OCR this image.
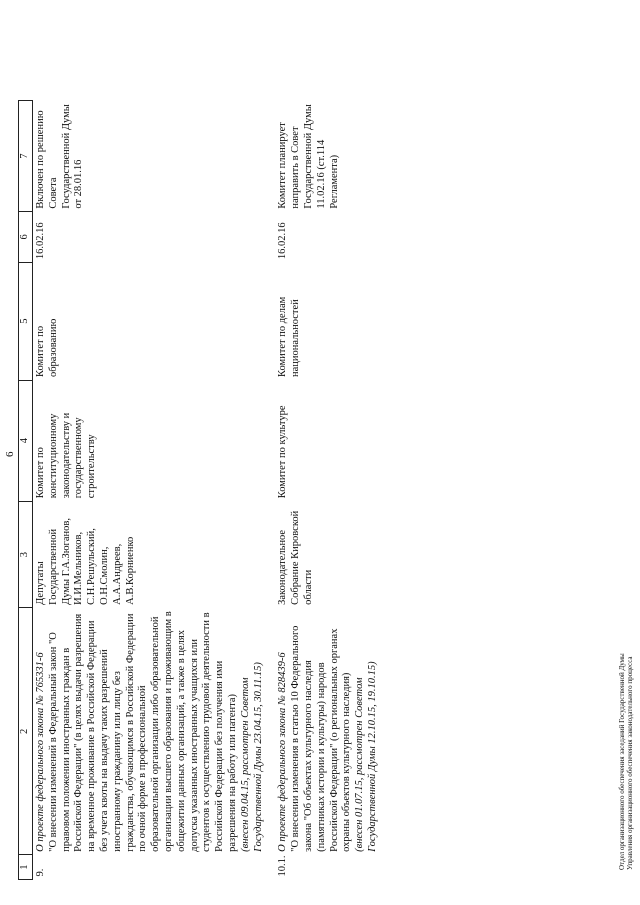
6
1	2	3	4	5	6	7
9.	О проекте федерального закона № 765331-6 "О внесении изменений в Федеральный закон "О правовом положении иностранных граждан в Российской Федерации" (в целях выдачи разрешения на временное проживание в Российской Федерации без учета квоты на выдачу таких разрешений иностранному гражданину или лицу без гражданства, обучающимся в Российской Федерации по очной форме в профессиональной образовательной организации либо образовательной организации высшего образования и проживающим в общежитии данных организаций, а также в целях допуска указанных иностранных учащихся или студентов к осуществлению трудовой деятельности в Российской Федерации без получения ими разрешения на работу или патента) (внесен 09.04.15, рассмотрен Советом Государственной Думы 23.04.15, 30.11.15)	Депутаты Государственной Думы Г.А.Зюганов, И.И.Мельников, С.Н.Решульский, О.Н.Смолин, А.А.Андреев, А.В.Корниенко	Комитет по конституционному законодательству и государственному строительству	Комитет по образованию	16.02.16	Включен по решению Совета Государственной Думы от 28.01.16
10.1.	О проекте федерального закона № 828439-6 "О внесении изменения в статью 10 Федерального закона "Об объектах культурного наследия (памятниках истории и культуры) народов Российской Федерации" (о региональных органах охраны объектов культурного наследия) (внесен 01.07.15, рассмотрен Советом Государственной Думы 12.10.15, 19.10.15)	Законодательное Собрание Кировской области	Комитет по культуре	Комитет по делам национальностей	16.02.16	Комитет планирует направить в Совет Государственной Думы 11.02.16 (ст.114 Регламента)
Отдел организационного обеспечения заседаний Государственной Думы Управления организационного обеспечения законодательного процесса
